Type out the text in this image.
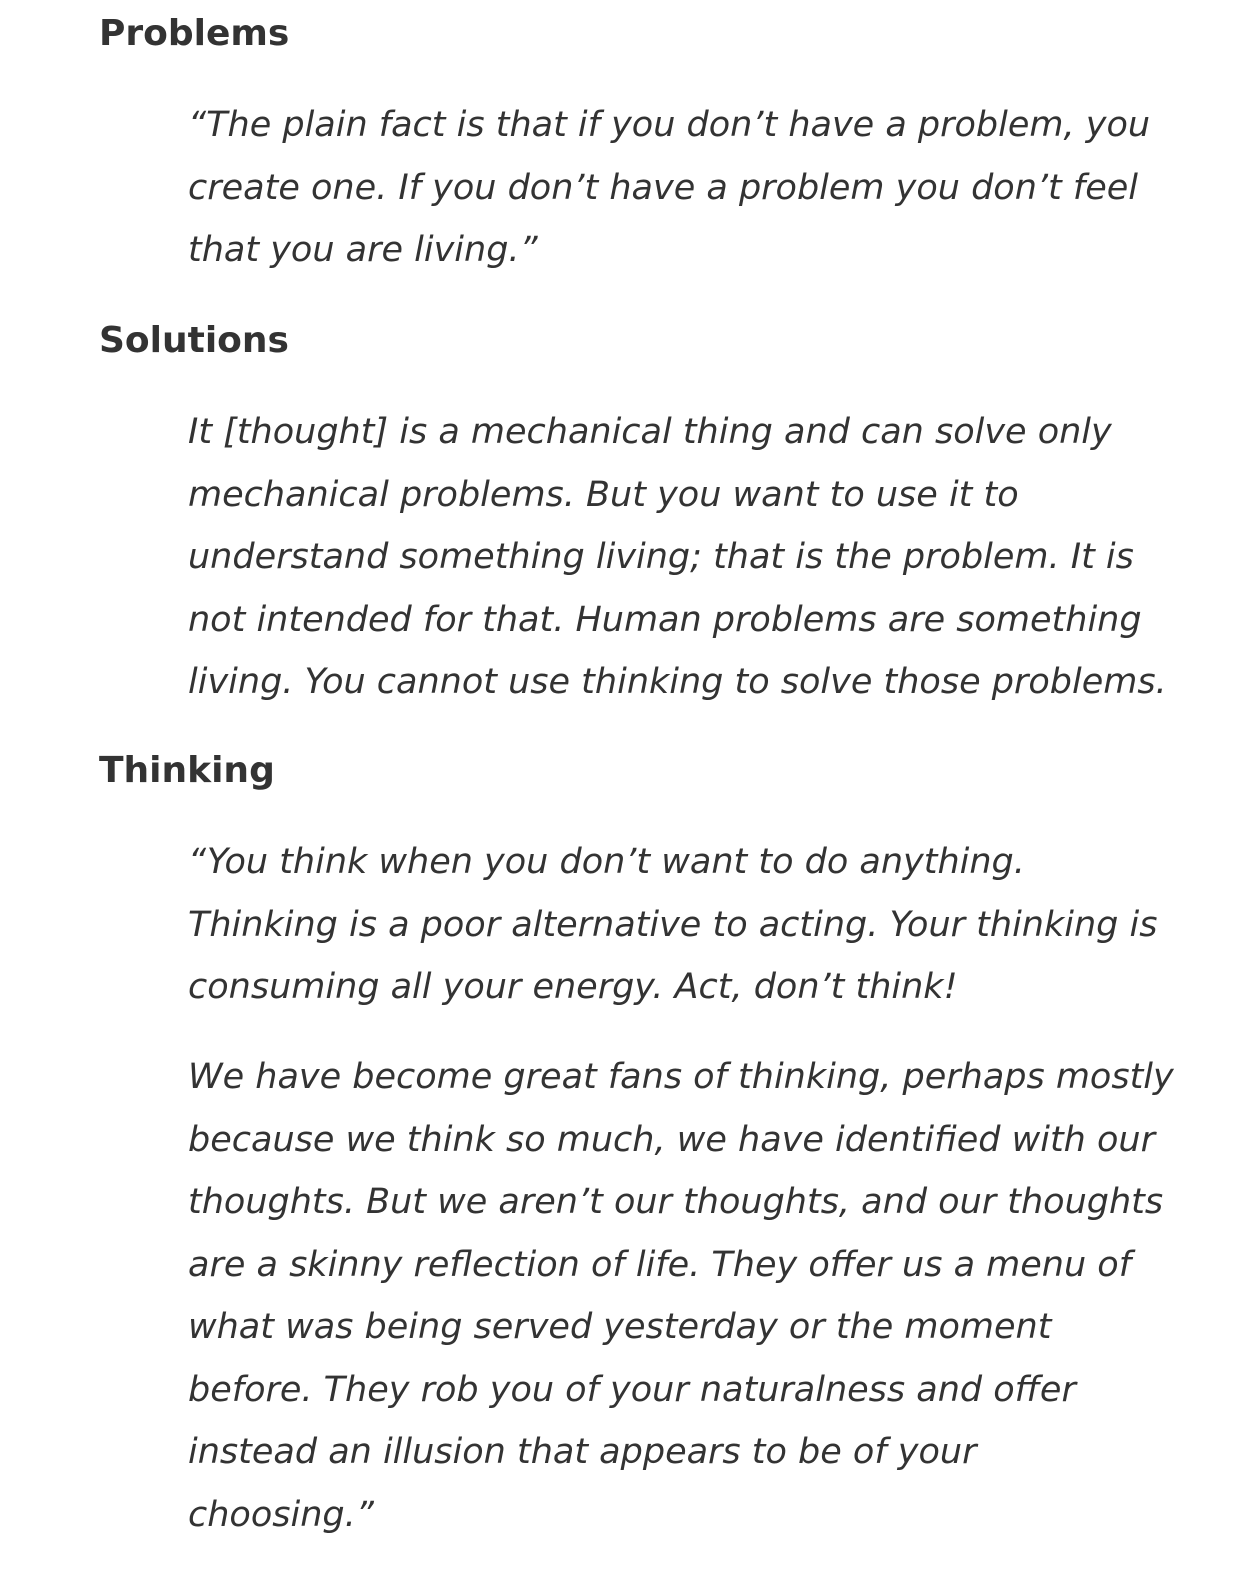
Problems
“The plain fact is that if you don’t have a problem, you
create one. If you don’t have a problem you don’t feel
that you are living.”
Solutions
It [thought] is a mechanical thing and can solve only
mechanical problems. But you want to use it to
understand something living; that is the problem. It is
not intended for that. Human problems are something
living. You cannot use thinking to solve those problems.
Thinking
“You think when you don’t want to do anything.
Thinking is a poor alternative to acting. Your thinking is
consuming all your energy. Act, don’t think!
We have become great fans of thinking, perhaps mostly
because we think so much, we have identified with our
thoughts. But we aren’t our thoughts, and our thoughts
are a skinny reflection of life. They offer us a menu of
what was being served yesterday or the moment
before. They rob you of your naturalness and offer
instead an illusion that appears to be of your
choosing.”
